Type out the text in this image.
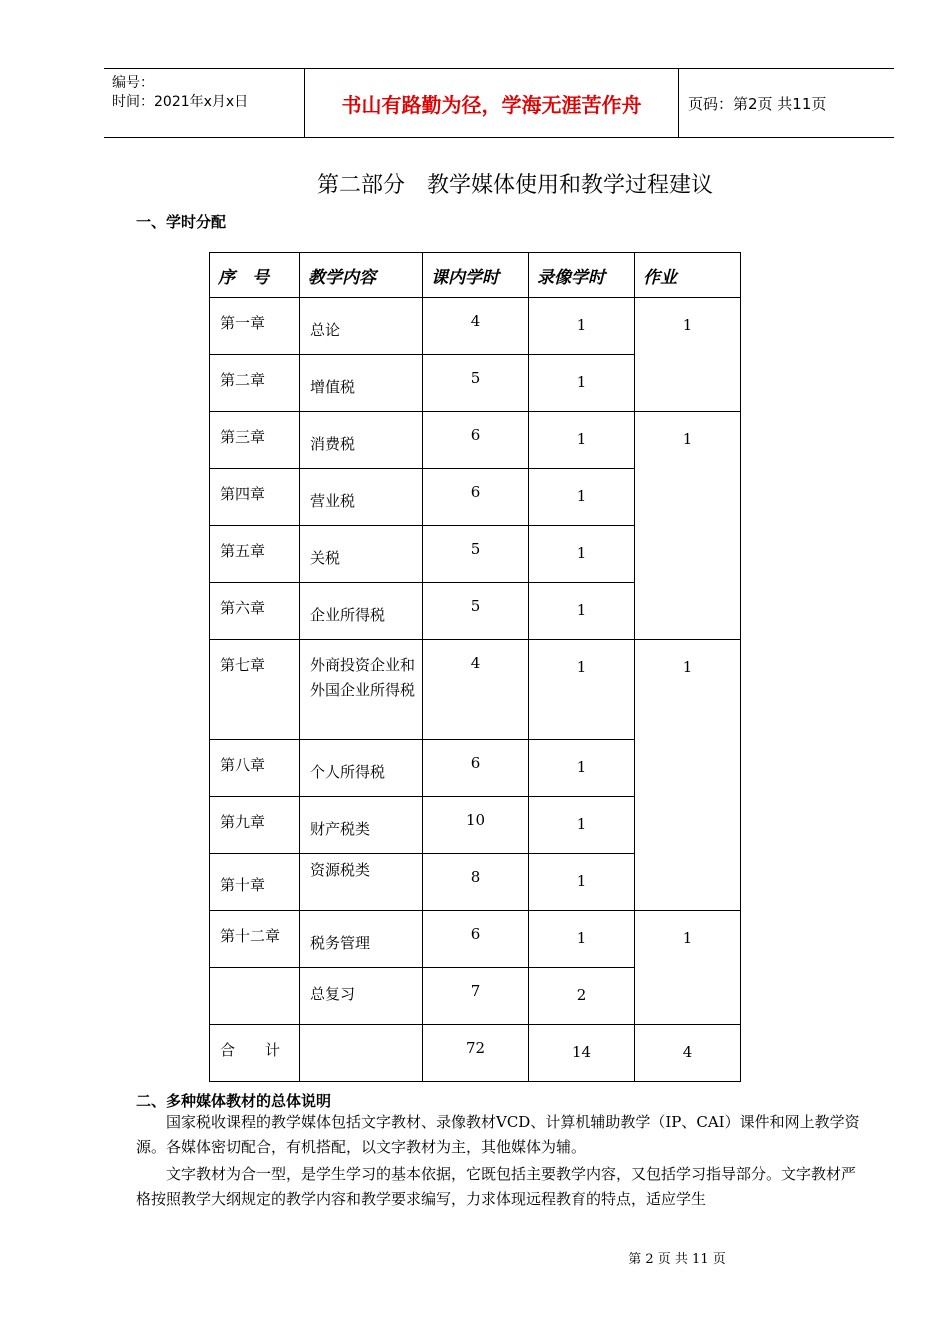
编号：
时间：2021年x月x日	书山有路勤为径，学海无涯苦作舟	页码：第2页 共11页
第二部分　教学媒体使用和教学过程建议

一、学时分配

序　号	教学内容	课内学时	录像学时	作业
第一章	总论	4	1	1
第二章	增值税	5	1	
第三章	消费税	6	1	1
第四章	营业税	6	1	
第五章	关税	5	1	
第六章	企业所得税	5	1	
第七章	外商投资企业和外国企业所得税	4	1	1
第八章	个人所得税	6	1	
第九章	财产税类	10	1	
第十章	资源税类	8	1	
第十二章	税务管理	6	1	1
	总复习	7	2	
合　　计		72	14	4

二、多种媒体教材的总体说明

国家税收课程的教学媒体包括文字教材、录像教材VCD、计算机辅助教学（IP、CAI）课件和网上教学资源。各媒体密切配合，有机搭配，以文字教材为主，其他媒体为辅。

文字教材为合一型，是学生学习的基本依据，它既包括主要教学内容，又包括学习指导部分。文字教材严格按照教学大纲规定的教学内容和教学要求编写，力求体现远程教育的特点，适应学生

第 2 页 共 11 页
